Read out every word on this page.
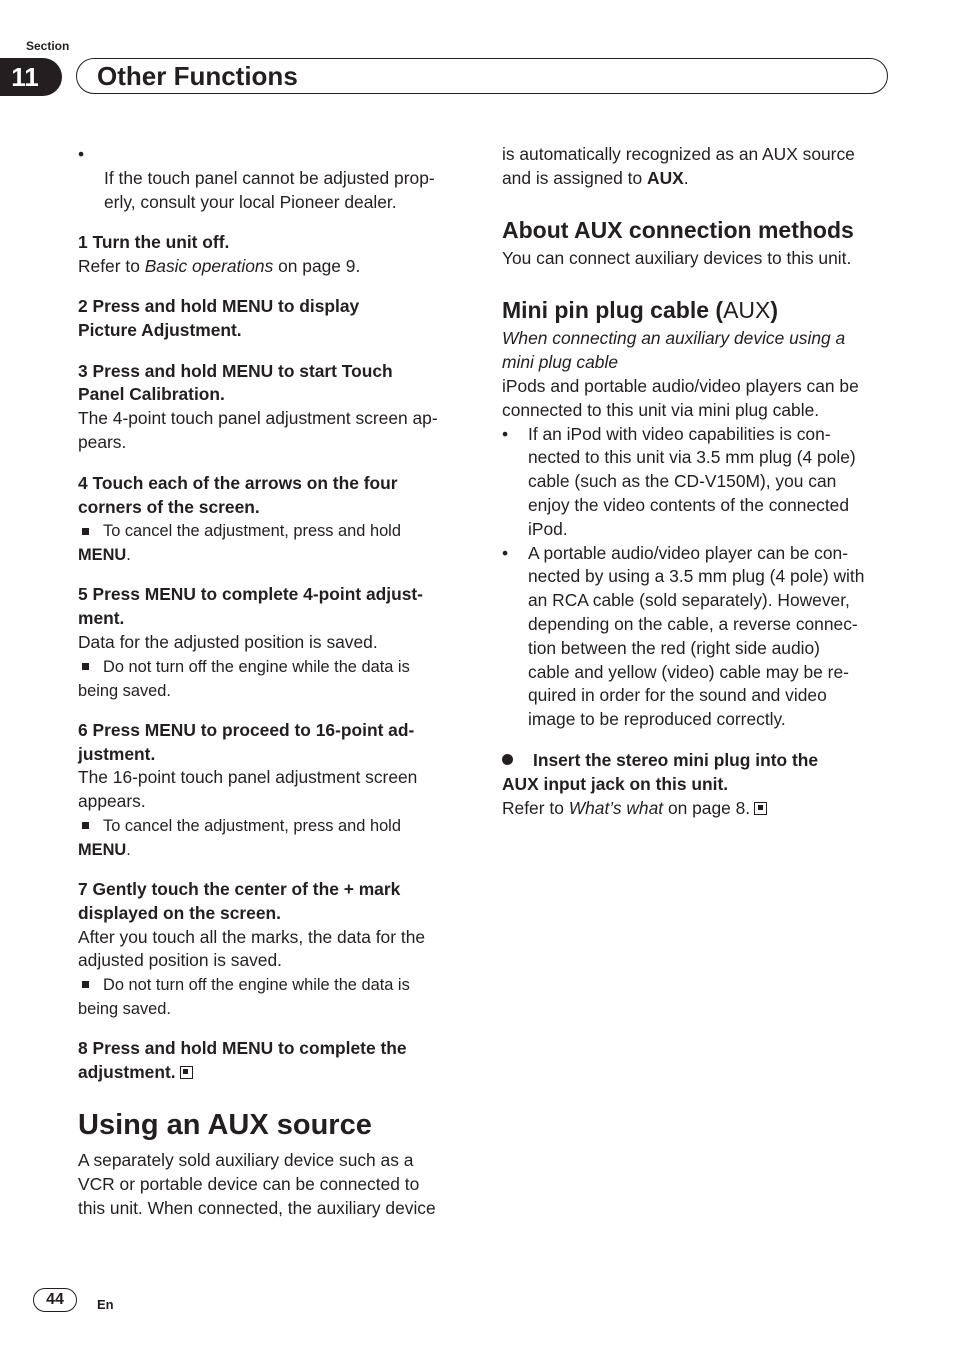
Section
11	Other Functions

•
If the touch panel cannot be adjusted prop-
erly, consult your local Pioneer dealer.

1 Turn the unit off.

Refer to Basic operations on page 9.

2 Press and hold MENU to display
Picture Adjustment.

3 Press and hold MENU to start Touch
Panel Calibration.

The 4-point touch panel adjustment screen ap-
pears.

4 Touch each of the arrows on the four
corners of the screen.

To cancel the adjustment, press and hold
MENU.

5 Press MENU to complete 4-point adjust-
ment.

Data for the adjusted position is saved.

Do not turn off the engine while the data is
being saved.

6 Press MENU to proceed to 16-point ad-
justment.

The 16-point touch panel adjustment screen
appears.

To cancel the adjustment, press and hold
MENU.

7 Gently touch the center of the + mark
displayed on the screen.

After you touch all the marks, the data for the
adjusted position is saved.

Do not turn off the engine while the data is
being saved.

8 Press and hold MENU to complete the
adjustment.

Using an AUX source

A separately sold auxiliary device such as a
VCR or portable device can be connected to
this unit. When connected, the auxiliary device

is automatically recognized as an AUX source
and is assigned to AUX.

About AUX connection methods

You can connect auxiliary devices to this unit.

Mini pin plug cable (AUX)

When connecting an auxiliary device using a
mini plug cable

iPods and portable audio/video players can be
connected to this unit via mini plug cable.

• If an iPod with video capabilities is con-
nected to this unit via 3.5 mm plug (4 pole)
cable (such as the CD-V150M), you can
enjoy the video contents of the connected
iPod.

• A portable audio/video player can be con-
nected by using a 3.5 mm plug (4 pole) with
an RCA cable (sold separately). However,
depending on the cable, a reverse connec-
tion between the red (right side audio)
cable and yellow (video) cable may be re-
quired in order for the sound and video
image to be reproduced correctly.

Insert the stereo mini plug into the
AUX input jack on this unit.

Refer to What’s what on page 8.

44	En
